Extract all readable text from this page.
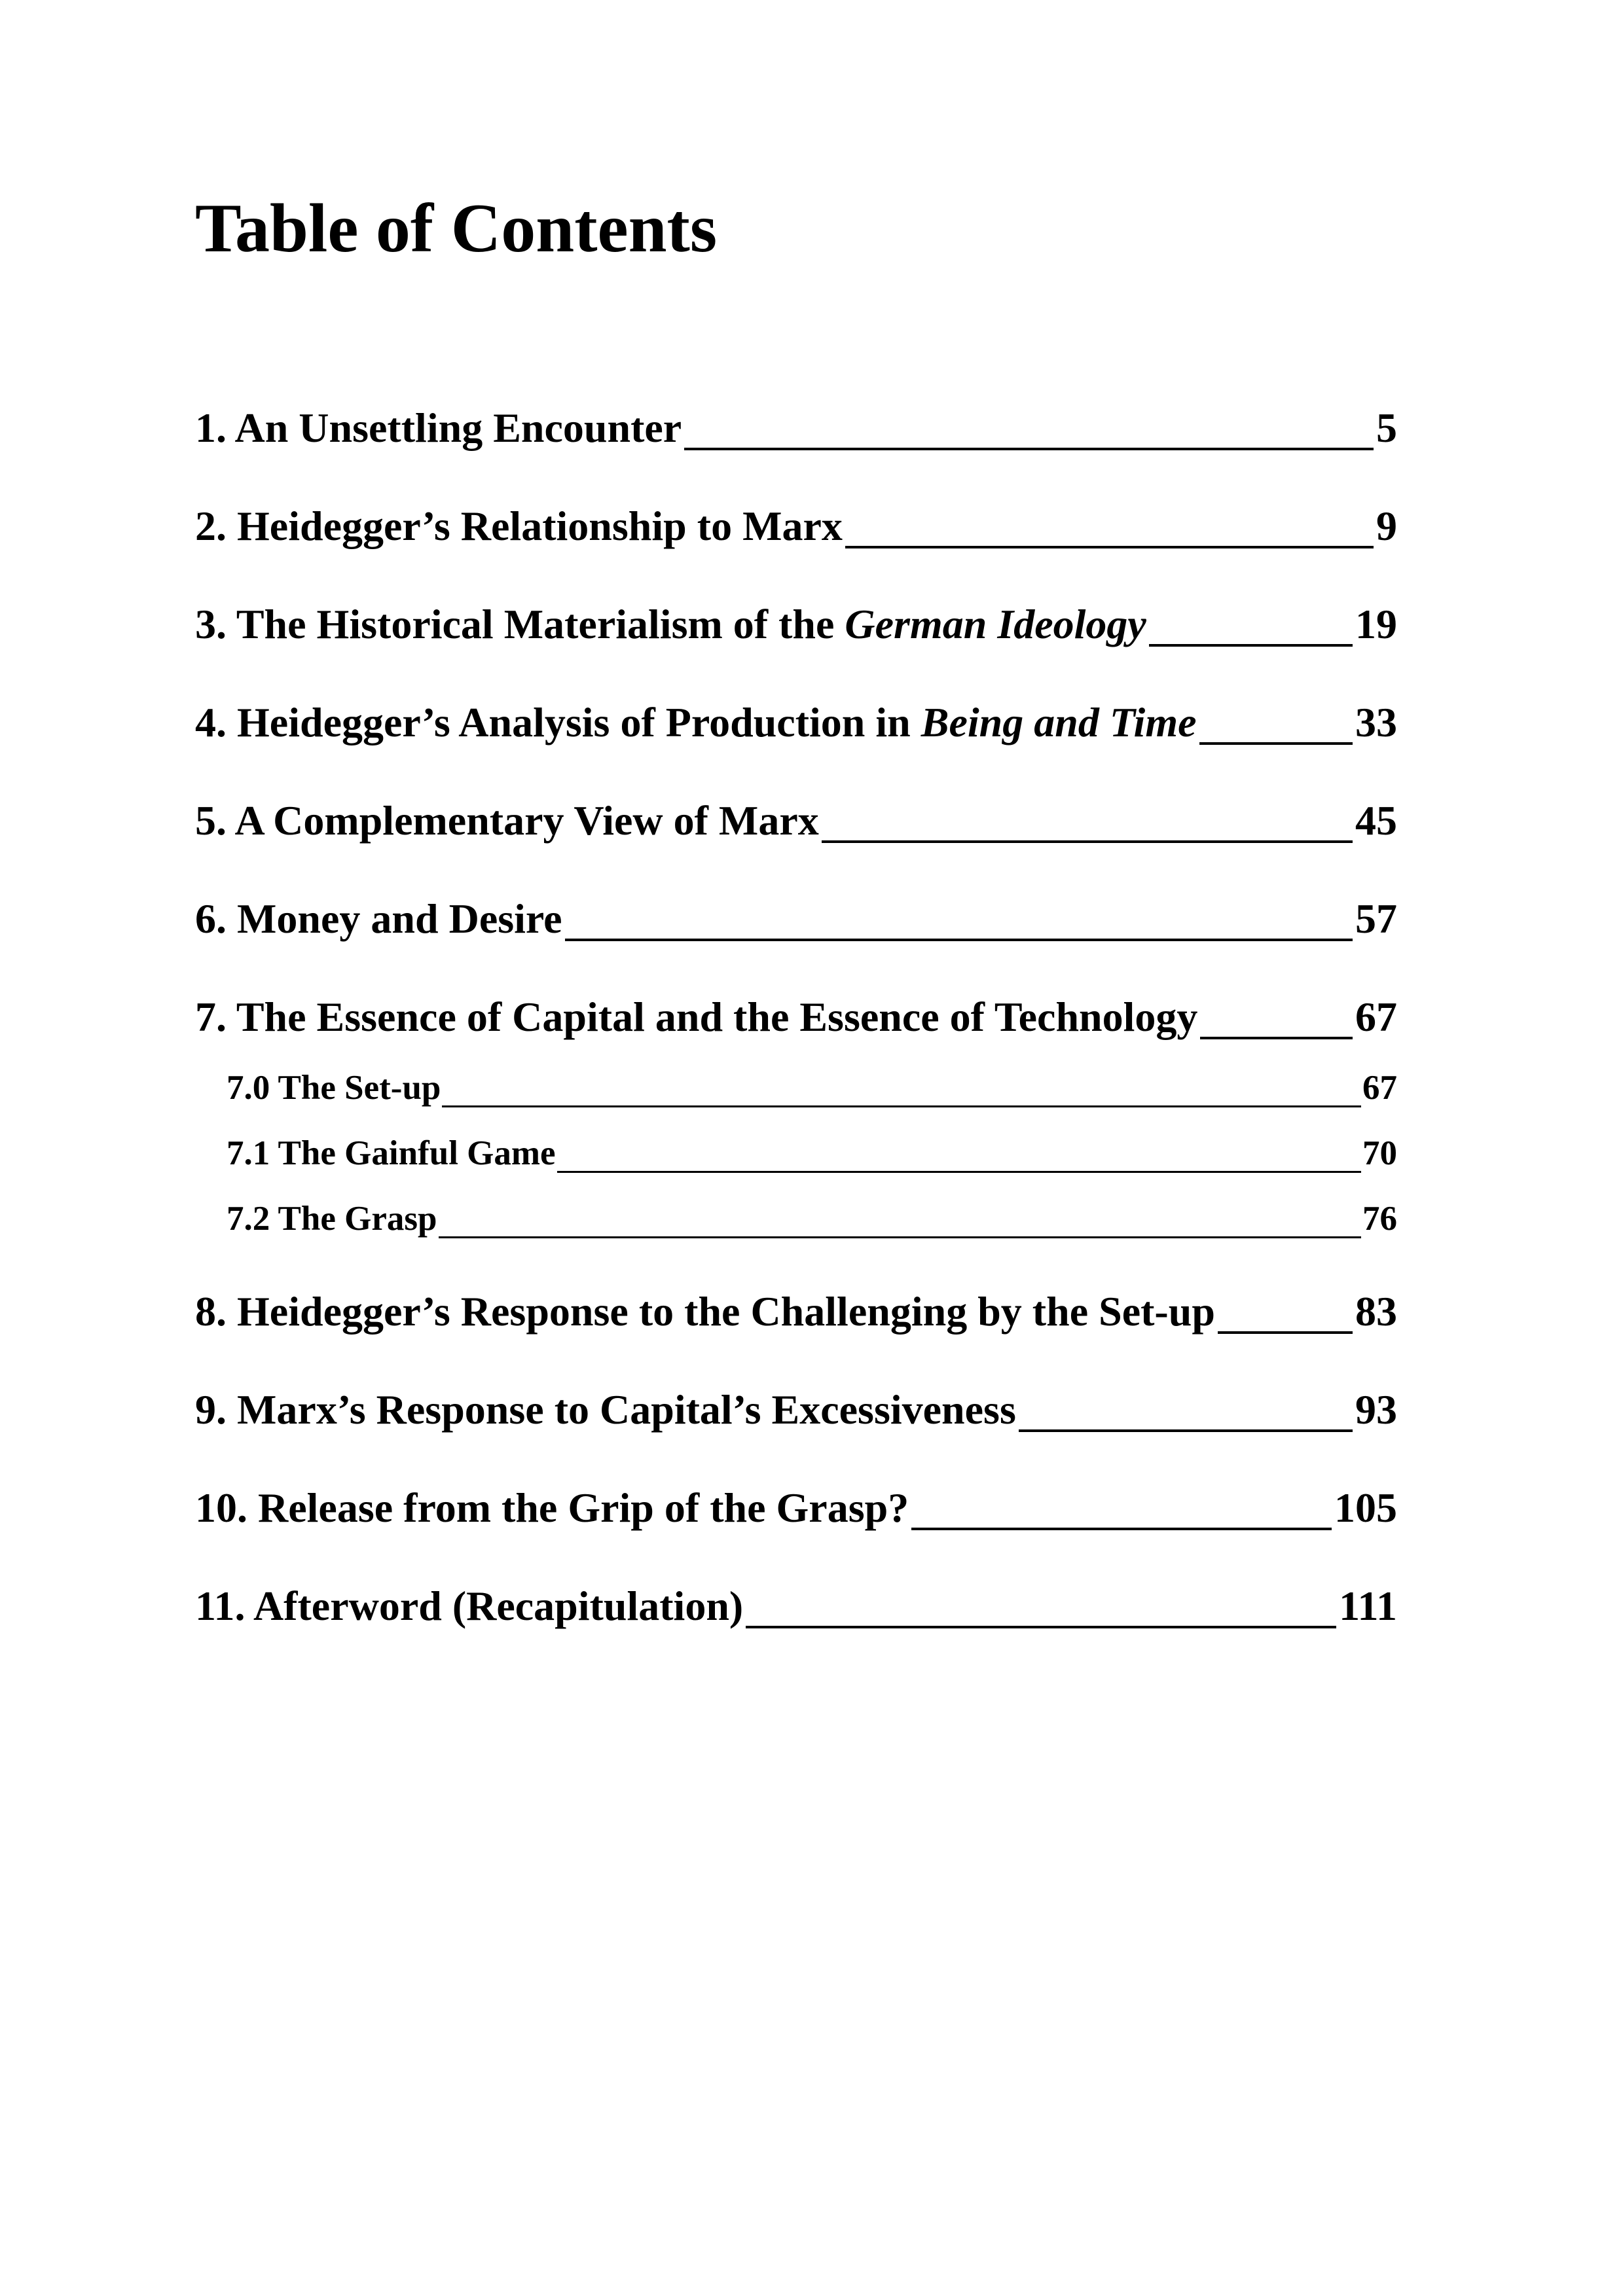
Table of Contents
1. An Unsettling Encounter	5
2. Heidegger’s Relationship to Marx	9
3. The Historical Materialism of the German Ideology	19
4. Heidegger’s Analysis of Production in Being and Time	33
5. A Complementary View of Marx	45
6. Money and Desire	57
7. The Essence of Capital and the Essence of Technology	67
7.0 The Set-up	67
7.1 The Gainful Game	70
7.2 The Grasp	76
8. Heidegger’s Response to the Challenging by the Set-up	83
9. Marx’s Response to Capital’s Excessiveness	93
10. Release from the Grip of the Grasp?	105
11. Afterword (Recapitulation)	111
